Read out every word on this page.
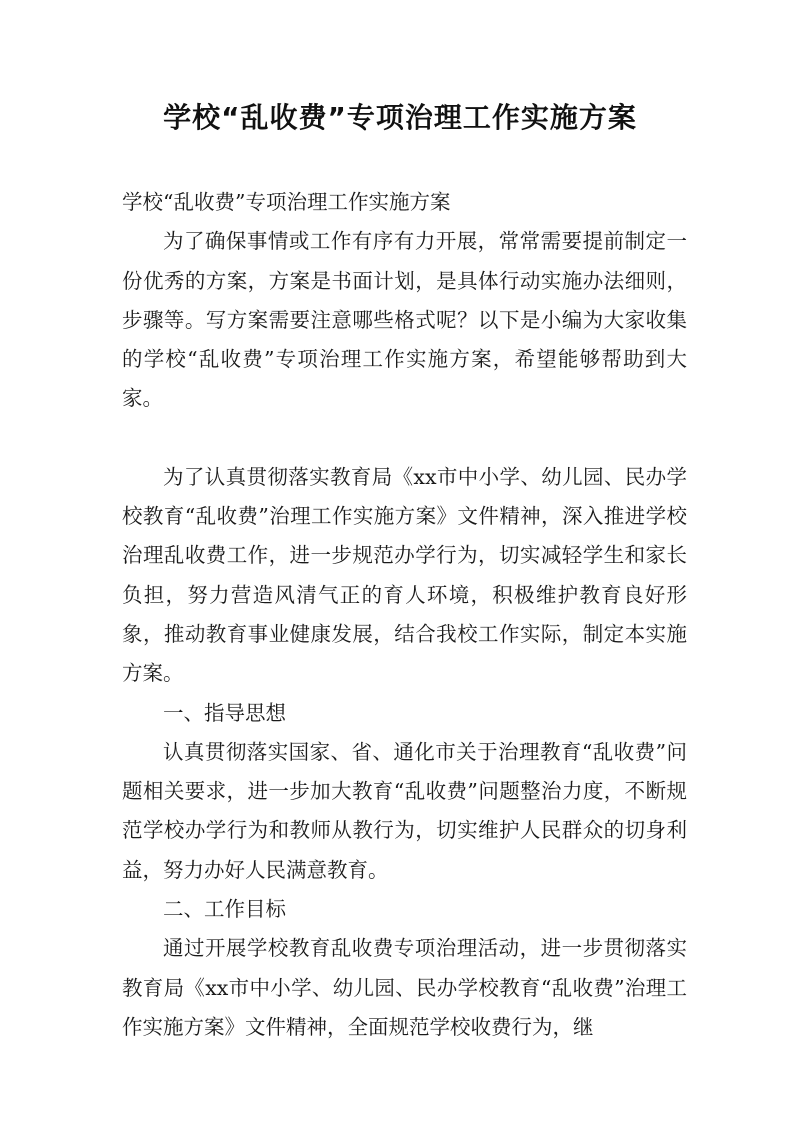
学校“乱收费”专项治理工作实施方案

学校“乱收费”专项治理工作实施方案

为了确保事情或工作有序有力开展，常常需要提前制定一份优秀的方案，方案是书面计划，是具体行动实施办法细则，步骤等。写方案需要注意哪些格式呢？以下是小编为大家收集的学校“乱收费”专项治理工作实施方案，希望能够帮助到大家。

为了认真贯彻落实教育局《xx市中小学、幼儿园、民办学校教育“乱收费”治理工作实施方案》文件精神，深入推进学校治理乱收费工作，进一步规范办学行为，切实减轻学生和家长负担，努力营造风清气正的育人环境，积极维护教育良好形象，推动教育事业健康发展，结合我校工作实际，制定本实施方案。

一、指导思想

认真贯彻落实国家、省、通化市关于治理教育“乱收费”问题相关要求，进一步加大教育“乱收费”问题整治力度，不断规范学校办学行为和教师从教行为，切实维护人民群众的切身利益，努力办好人民满意教育。

二、工作目标

通过开展学校教育乱收费专项治理活动，进一步贯彻落实教育局《xx市中小学、幼儿园、民办学校教育“乱收费”治理工作实施方案》文件精神，全面规范学校收费行为，继
